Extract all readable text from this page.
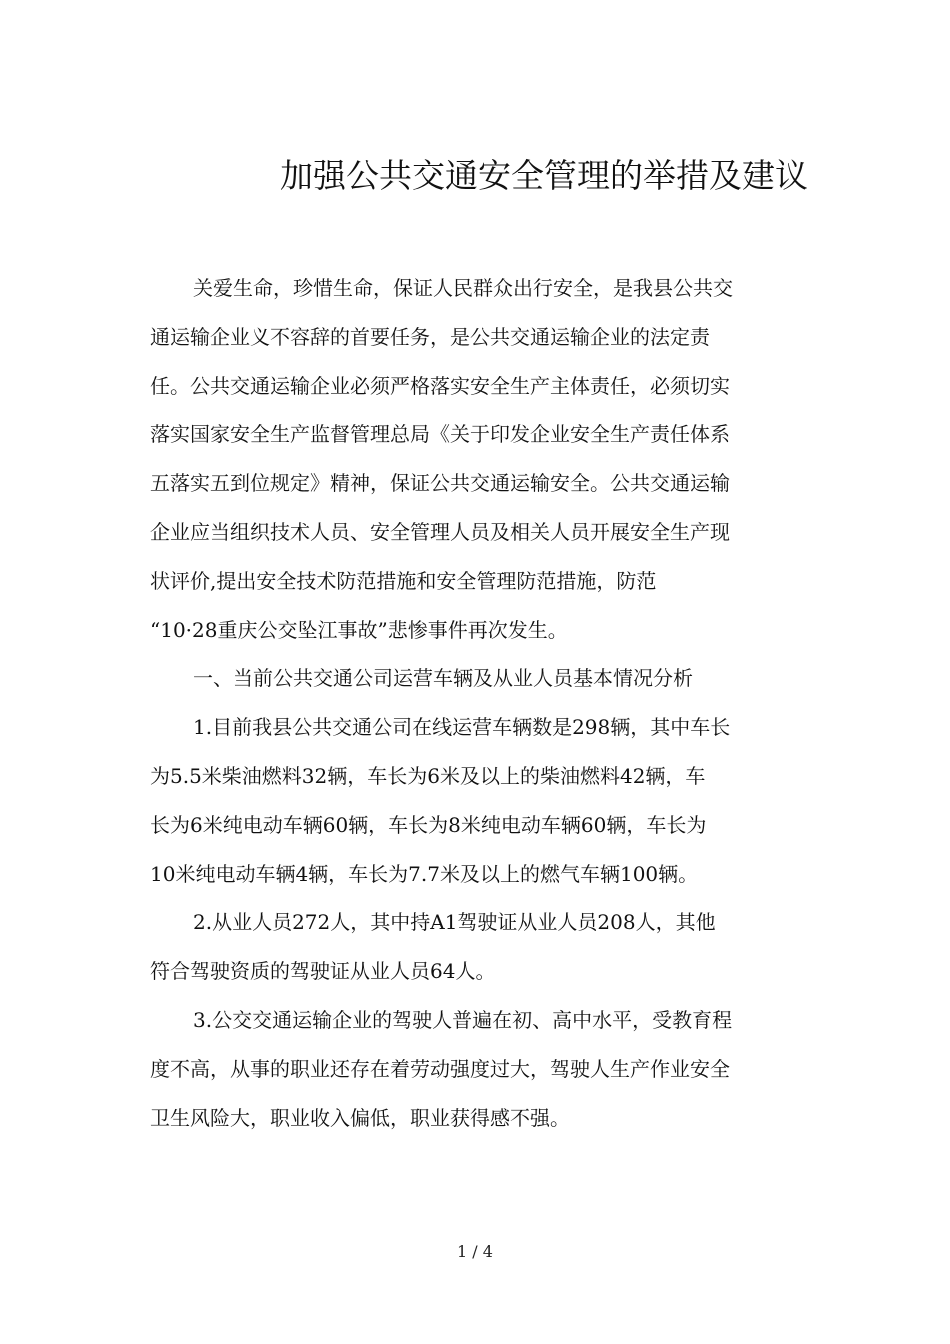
加强公共交通安全管理的举措及建议
关爱生命，珍惜生命，保证人民群众出行安全，是我县公共交
通运输企业义不容辞的首要任务，是公共交通运输企业的法定责
任。公共交通运输企业必须严格落实安全生产主体责任，必须切实
落实国家安全生产监督管理总局《关于印发企业安全生产责任体系
五落实五到位规定》精神，保证公共交通运输安全。公共交通运输
企业应当组织技术人员、安全管理人员及相关人员开展安全生产现
状评价,提出安全技术防范措施和安全管理防范措施，防范
“10·28重庆公交坠江事故”悲惨事件再次发生。
一、当前公共交通公司运营车辆及从业人员基本情况分析
1.目前我县公共交通公司在线运营车辆数是298辆，其中车长
为5.5米柴油燃料32辆，车长为6米及以上的柴油燃料42辆，车
长为6米纯电动车辆60辆，车长为8米纯电动车辆60辆，车长为
10米纯电动车辆4辆，车长为7.7米及以上的燃气车辆100辆。
2.从业人员272人，其中持A1驾驶证从业人员208人，其他
符合驾驶资质的驾驶证从业人员64人。
3.公交交通运输企业的驾驶人普遍在初、高中水平，受教育程
度不高，从事的职业还存在着劳动强度过大，驾驶人生产作业安全
卫生风险大，职业收入偏低，职业获得感不强。
1 / 4
